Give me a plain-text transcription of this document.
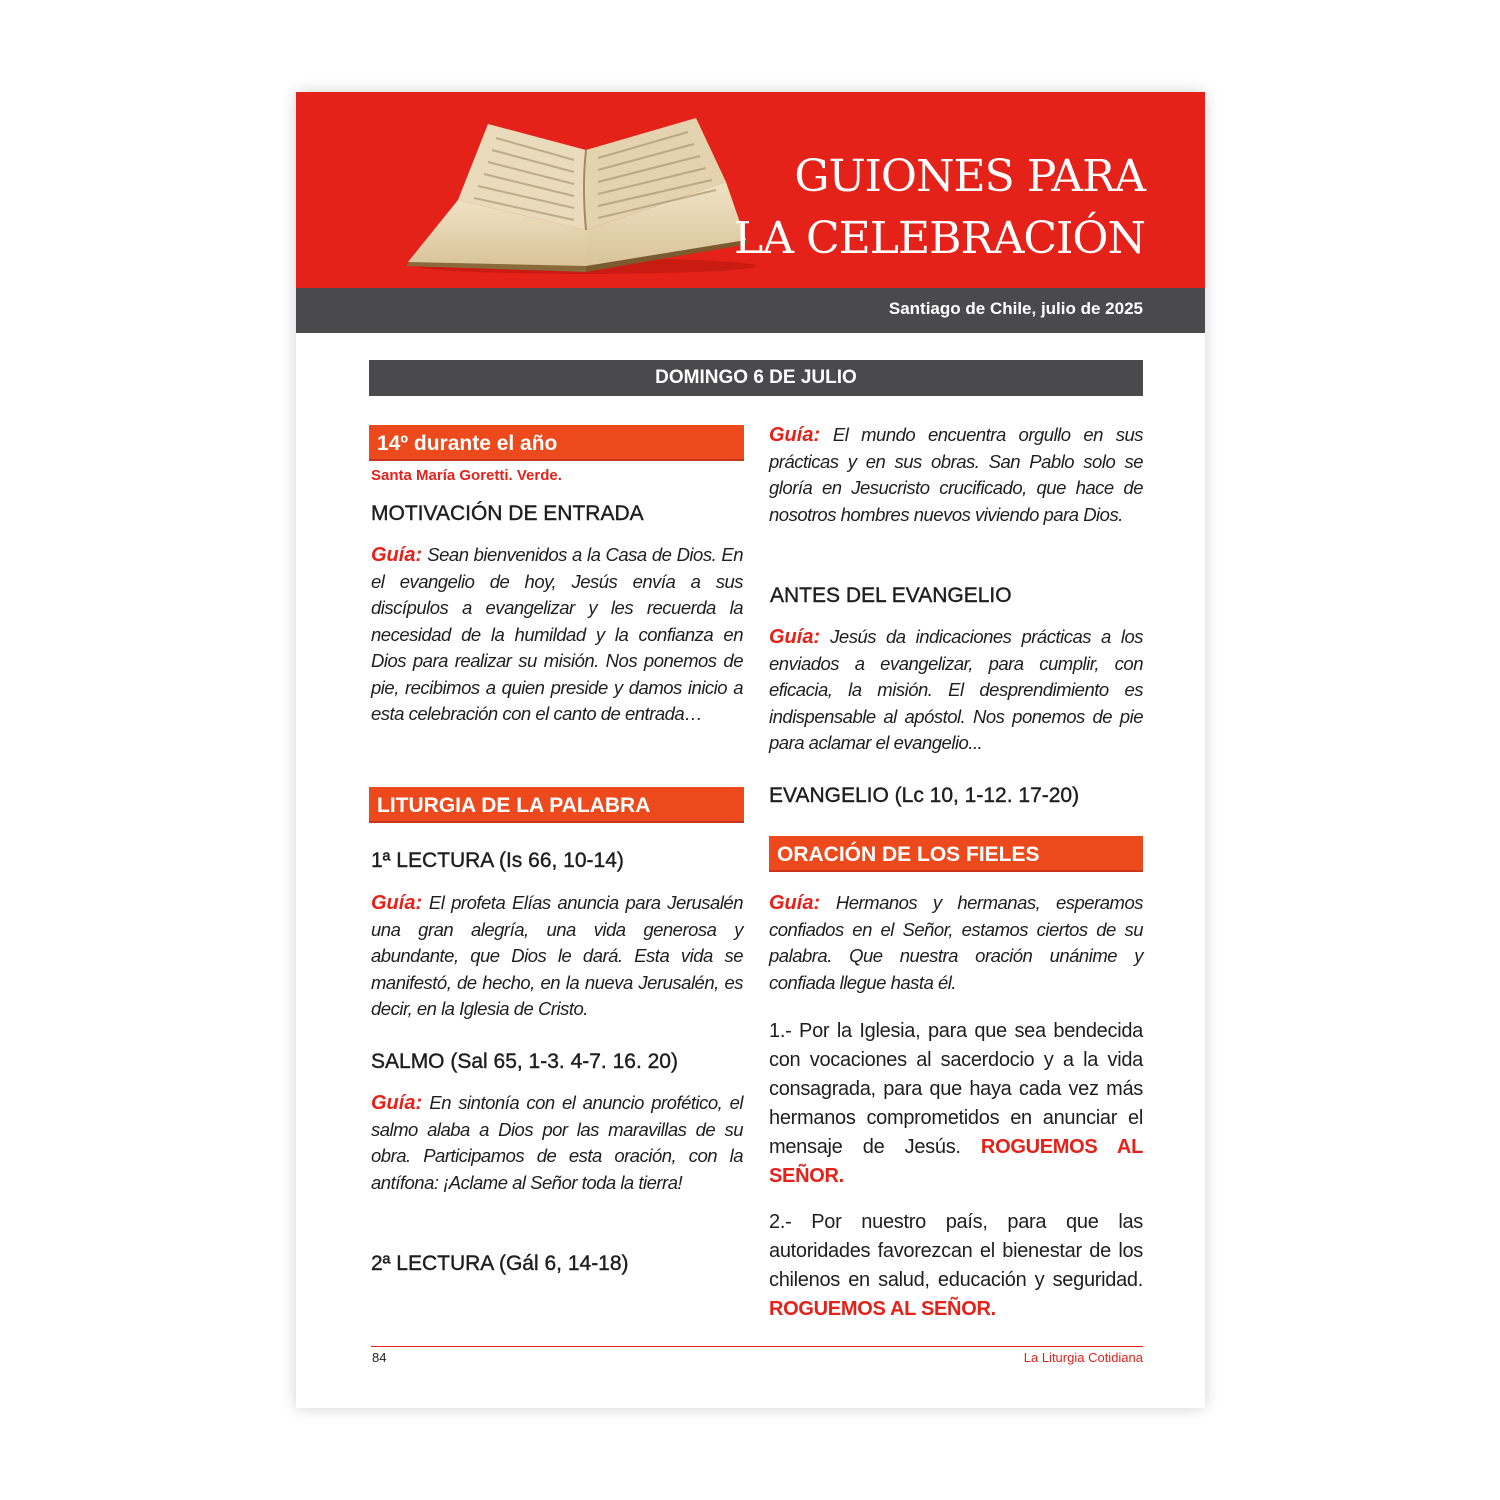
GUIONES PARA
LA CELEBRACIÓN
Santiago de Chile, julio de 2025
DOMINGO 6 DE JULIO
14º durante el año
Santa María Goretti. Verde.
MOTIVACIÓN DE ENTRADA
Guía: Sean bienvenidos a la Casa de Dios. En el evangelio de hoy, Jesús envía a sus discípulos a evangelizar y les recuerda la necesidad de la humildad y la confianza en Dios para realizar su misión. Nos ponemos de pie, recibimos a quien preside y damos inicio a esta celebración con el canto de entrada…
LITURGIA DE LA PALABRA
1ª LECTURA (Is 66, 10-14)
Guía: El profeta Elías anuncia para Jerusalén una gran alegría, una vida generosa y abundante, que Dios le dará. Esta vida se manifestó, de hecho, en la nueva Jerusalén, es decir, en la Iglesia de Cristo.
SALMO (Sal 65, 1-3. 4-7. 16. 20)
Guía: En sintonía con el anuncio profético, el salmo alaba a Dios por las maravillas de su obra. Participamos de esta oración, con la antífona: ¡Aclame al Señor toda la tierra!
2ª LECTURA (Gál 6, 14-18)
Guía: El mundo encuentra orgullo en sus prácticas y en sus obras. San Pablo solo se gloría en Jesucristo crucificado, que hace de nosotros hombres nuevos viviendo para Dios.
ANTES DEL EVANGELIO
Guía: Jesús da indicaciones prácticas a los enviados a evangelizar, para cumplir, con eficacia, la misión. El desprendimiento es indispensable al apóstol. Nos ponemos de pie para aclamar el evangelio...
EVANGELIO (Lc 10, 1-12. 17-20)
ORACIÓN DE LOS FIELES
Guía: Hermanos y hermanas, esperamos confiados en el Señor, estamos ciertos de su palabra. Que nuestra oración unánime y confiada llegue hasta él.
1.- Por la Iglesia, para que sea bendecida con vocaciones al sacerdocio y a la vida consagrada, para que haya cada vez más hermanos comprometidos en anunciar el mensaje de Jesús. ROGUEMOS AL SEÑOR.
2.- Por nuestro país, para que las autoridades favorezcan el bienestar de los chilenos en salud, educación y seguridad. ROGUEMOS AL SEÑOR.
84	La Liturgia Cotidiana
